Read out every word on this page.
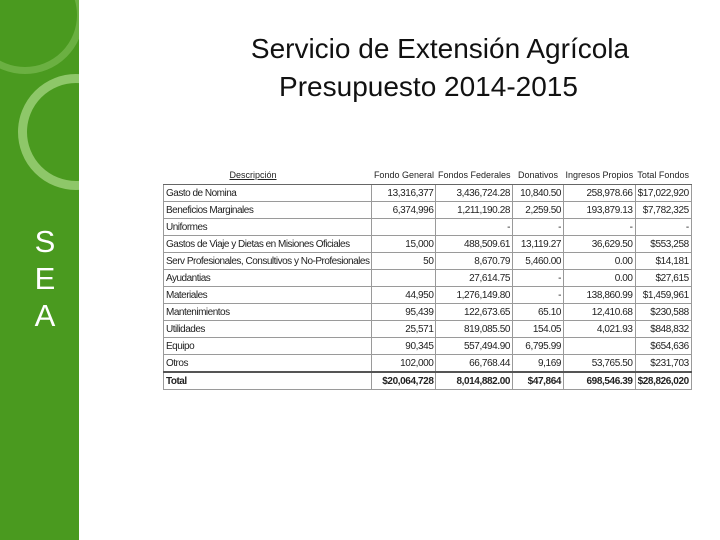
S
E
A
Servicio de Extensión Agrícola
Presupuesto 2014-2015
Descripción	Fondo General	Fondos Federales	Donativos	Ingresos Propios	Total Fondos
Gasto de Nomina	13,316,377	3,436,724.28	10,840.50	258,978.66	$17,022,920
Beneficios Marginales	6,374,996	1,211,190.28	2,259.50	193,879.13	$7,782,325
Uniformes		-	-	-	-
Gastos de Viaje y Dietas en Misiones Oficiales	15,000	488,509.61	13,119.27	36,629.50	$553,258
Serv Profesionales, Consultivos y No-Profesionales	50	8,670.79	5,460.00	0.00	$14,181
Ayudantias		27,614.75	-	0.00	$27,615
Materiales	44,950	1,276,149.80	-	138,860.99	$1,459,961
Mantenimientos	95,439	122,673.65	65.10	12,410.68	$230,588
Utilidades	25,571	819,085.50	154.05	4,021.93	$848,832
Equipo	90,345	557,494.90	6,795.99		$654,636
Otros	102,000	66,768.44	9,169	53,765.50	$231,703
Total	$20,064,728	8,014,882.00	$47,864	698,546.39	$28,826,020
